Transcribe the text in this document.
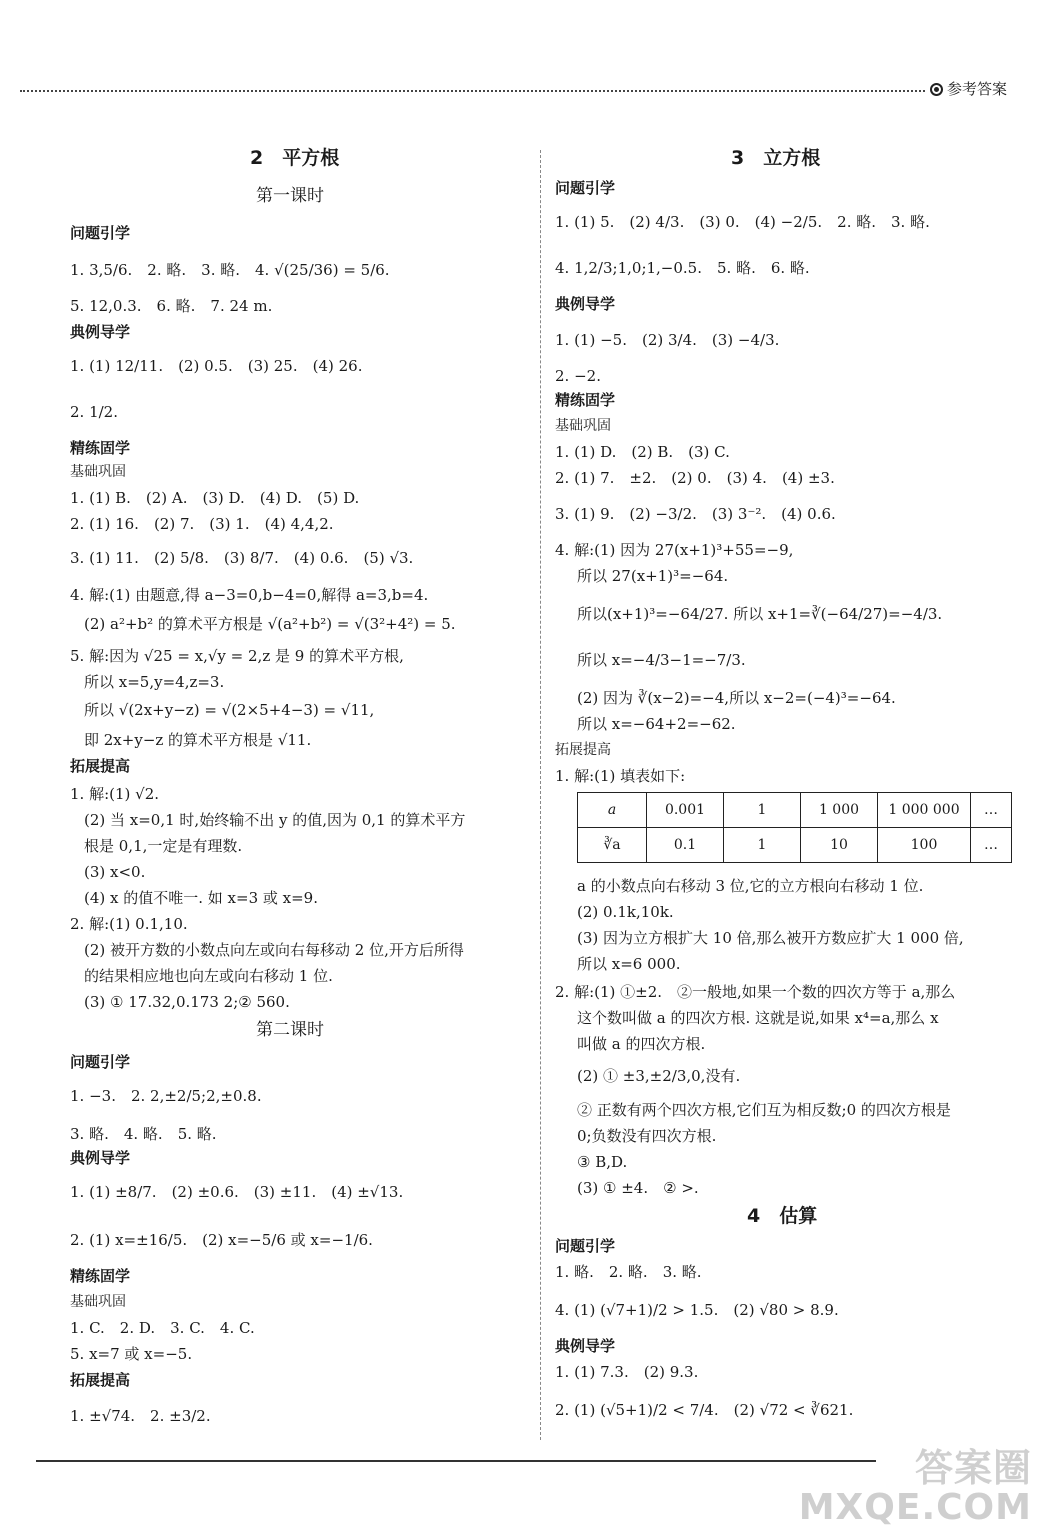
参考答案
2　平方根
第一课时
第二课时
问题引学
1. 3,5/6.　2. 略.　3. 略.　4. √(25/36) = 5/6.
5. 12,0.3.　6. 略.　7. 24 m.
典例导学
1. (1) 12/11.　(2) 0.5.　(3) 25.　(4) 26.
2. 1/2.
精练固学
基础巩固
1. (1) B.　(2) A.　(3) D.　(4) D.　(5) D.
2. (1) 16.　(2) 7.　(3) 1.　(4) 4,4,2.
3. (1) 11.　(2) 5/8.　(3) 8/7.　(4) 0.6.　(5) √3.
4. 解:(1) 由题意,得 a−3=0,b−4=0,解得 a=3,b=4.
(2) a²+b² 的算术平方根是 √(a²+b²) = √(3²+4²) = 5.
5. 解:因为 √25 = x,√y = 2,z 是 9 的算术平方根,
所以 x=5,y=4,z=3.
所以 √(2x+y−z) = √(2×5+4−3) = √11,
即 2x+y−z 的算术平方根是 √11.
拓展提高
1. 解:(1) √2.
(2) 当 x=0,1 时,始终输不出 y 的值,因为 0,1 的算术平方
根是 0,1,一定是有理数.
(3) x<0.
(4) x 的值不唯一. 如 x=3 或 x=9.
2. 解:(1) 0.1,10.
(2) 被开方数的小数点向左或向右每移动 2 位,开方后所得
的结果相应地也向左或向右移动 1 位.
(3) ① 17.32,0.173 2;② 560.
问题引学
1. −3.　2. 2,±2/5;2,±0.8.
3. 略.　4. 略.　5. 略.
典例导学
1. (1) ±8/7.　(2) ±0.6.　(3) ±11.　(4) ±√13.
2. (1) x=±16/5.　(2) x=−5/6 或 x=−1/6.
精练固学
基础巩固
1. C.　2. D.　3. C.　4. C.
5. x=7 或 x=−5.
拓展提高
1. ±√74.　2. ±3/2.
3　立方根
a	0.001	1	1 000	1 000 000	…
∛a	0.1	1	10	100	…
4　估算
问题引学
1. (1) 5.　(2) 4/3.　(3) 0.　(4) −2/5.　2. 略.　3. 略.
4. 1,2/3;1,0;1,−0.5.　5. 略.　6. 略.
典例导学
1. (1) −5.　(2) 3/4.　(3) −4/3.
2. −2.
精练固学
基础巩固
1. (1) D.　(2) B.　(3) C.
2. (1) 7.　±2.　(2) 0.　(3) 4.　(4) ±3.
3. (1) 9.　(2) −3/2.　(3) 3⁻².　(4) 0.6.
4. 解:(1) 因为 27(x+1)³+55=−9,
所以 27(x+1)³=−64.
所以(x+1)³=−64/27. 所以 x+1=∛(−64/27)=−4/3.
所以 x=−4/3−1=−7/3.
(2) 因为 ∛(x−2)=−4,所以 x−2=(−4)³=−64.
所以 x=−64+2=−62.
拓展提高
1. 解:(1) 填表如下:
a 的小数点向右移动 3 位,它的立方根向右移动 1 位.
(2) 0.1k,10k.
(3) 因为立方根扩大 10 倍,那么被开方数应扩大 1 000 倍,
所以 x=6 000.
2. 解:(1) ①±2.　②一般地,如果一个数的四次方等于 a,那么
这个数叫做 a 的四次方根. 这就是说,如果 x⁴=a,那么 x
叫做 a 的四次方根.
(2) ① ±3,±2/3,0,没有.
② 正数有两个四次方根,它们互为相反数;0 的四次方根是
0;负数没有四次方根.
③ B,D.
(3) ① ±4.　② >.
问题引学
1. 略.　2. 略.　3. 略.
4. (1) (√7+1)/2 > 1.5.　(2) √80 > 8.9.
典例导学
1. (1) 7.3.　(2) 9.3.
2. (1) (√5+1)/2 < 7/4.　(2) √72 < ∛621.
答案圈
MXQE.COM
